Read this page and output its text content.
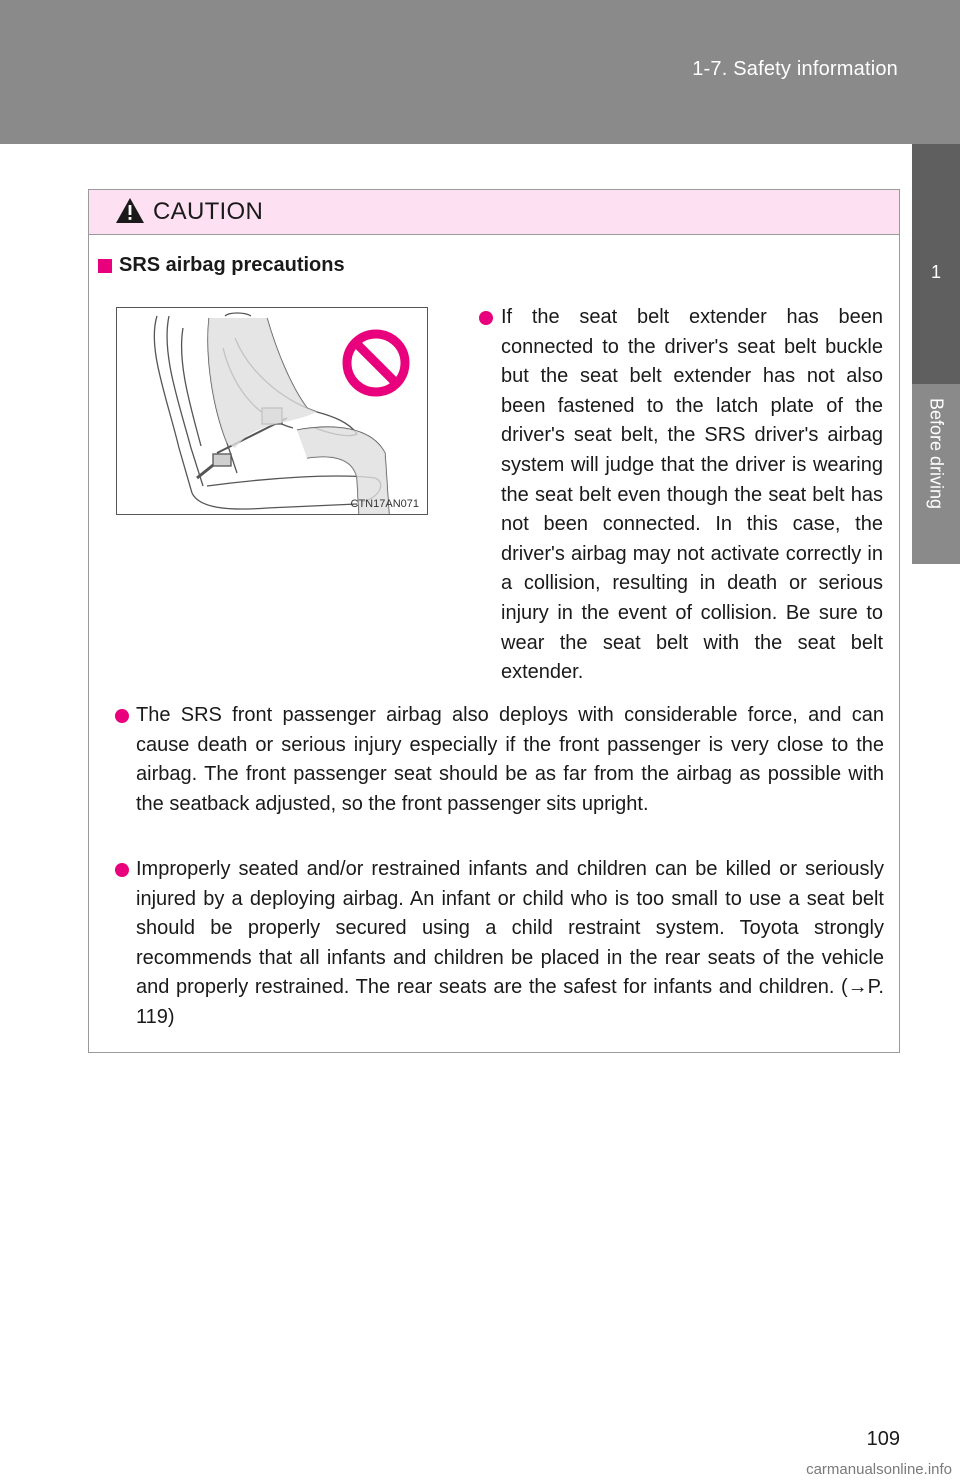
1-7. Safety information
1
Before driving
CAUTION
SRS airbag precautions
CTN17AN071

If the seat belt extender has been connected to the driver's seat belt buckle but the seat belt extender has not also been fastened to the latch plate of the driver's seat belt, the SRS driver's airbag system will judge that the driver is wearing the seat belt even though the seat belt has not been connected. In this case, the driver's airbag may not activate correctly in a collision, resulting in death or serious injury in the event of collision. Be sure to wear the seat belt with the seat belt extender.

The SRS front passenger airbag also deploys with considerable force, and can cause death or serious injury especially if the front passenger is very close to the airbag. The front passenger seat should be as far from the airbag as possible with the seatback adjusted, so the front passenger sits upright.

Improperly seated and/or restrained infants and children can be killed or seriously injured by a deploying airbag. An infant or child who is too small to use a seat belt should be properly secured using a child restraint system. Toyota strongly recommends that all infants and children be placed in the rear seats of the vehicle and properly restrained. The rear seats are the safest for infants and children. (→P. 119)

109
carmanualsonline.info
